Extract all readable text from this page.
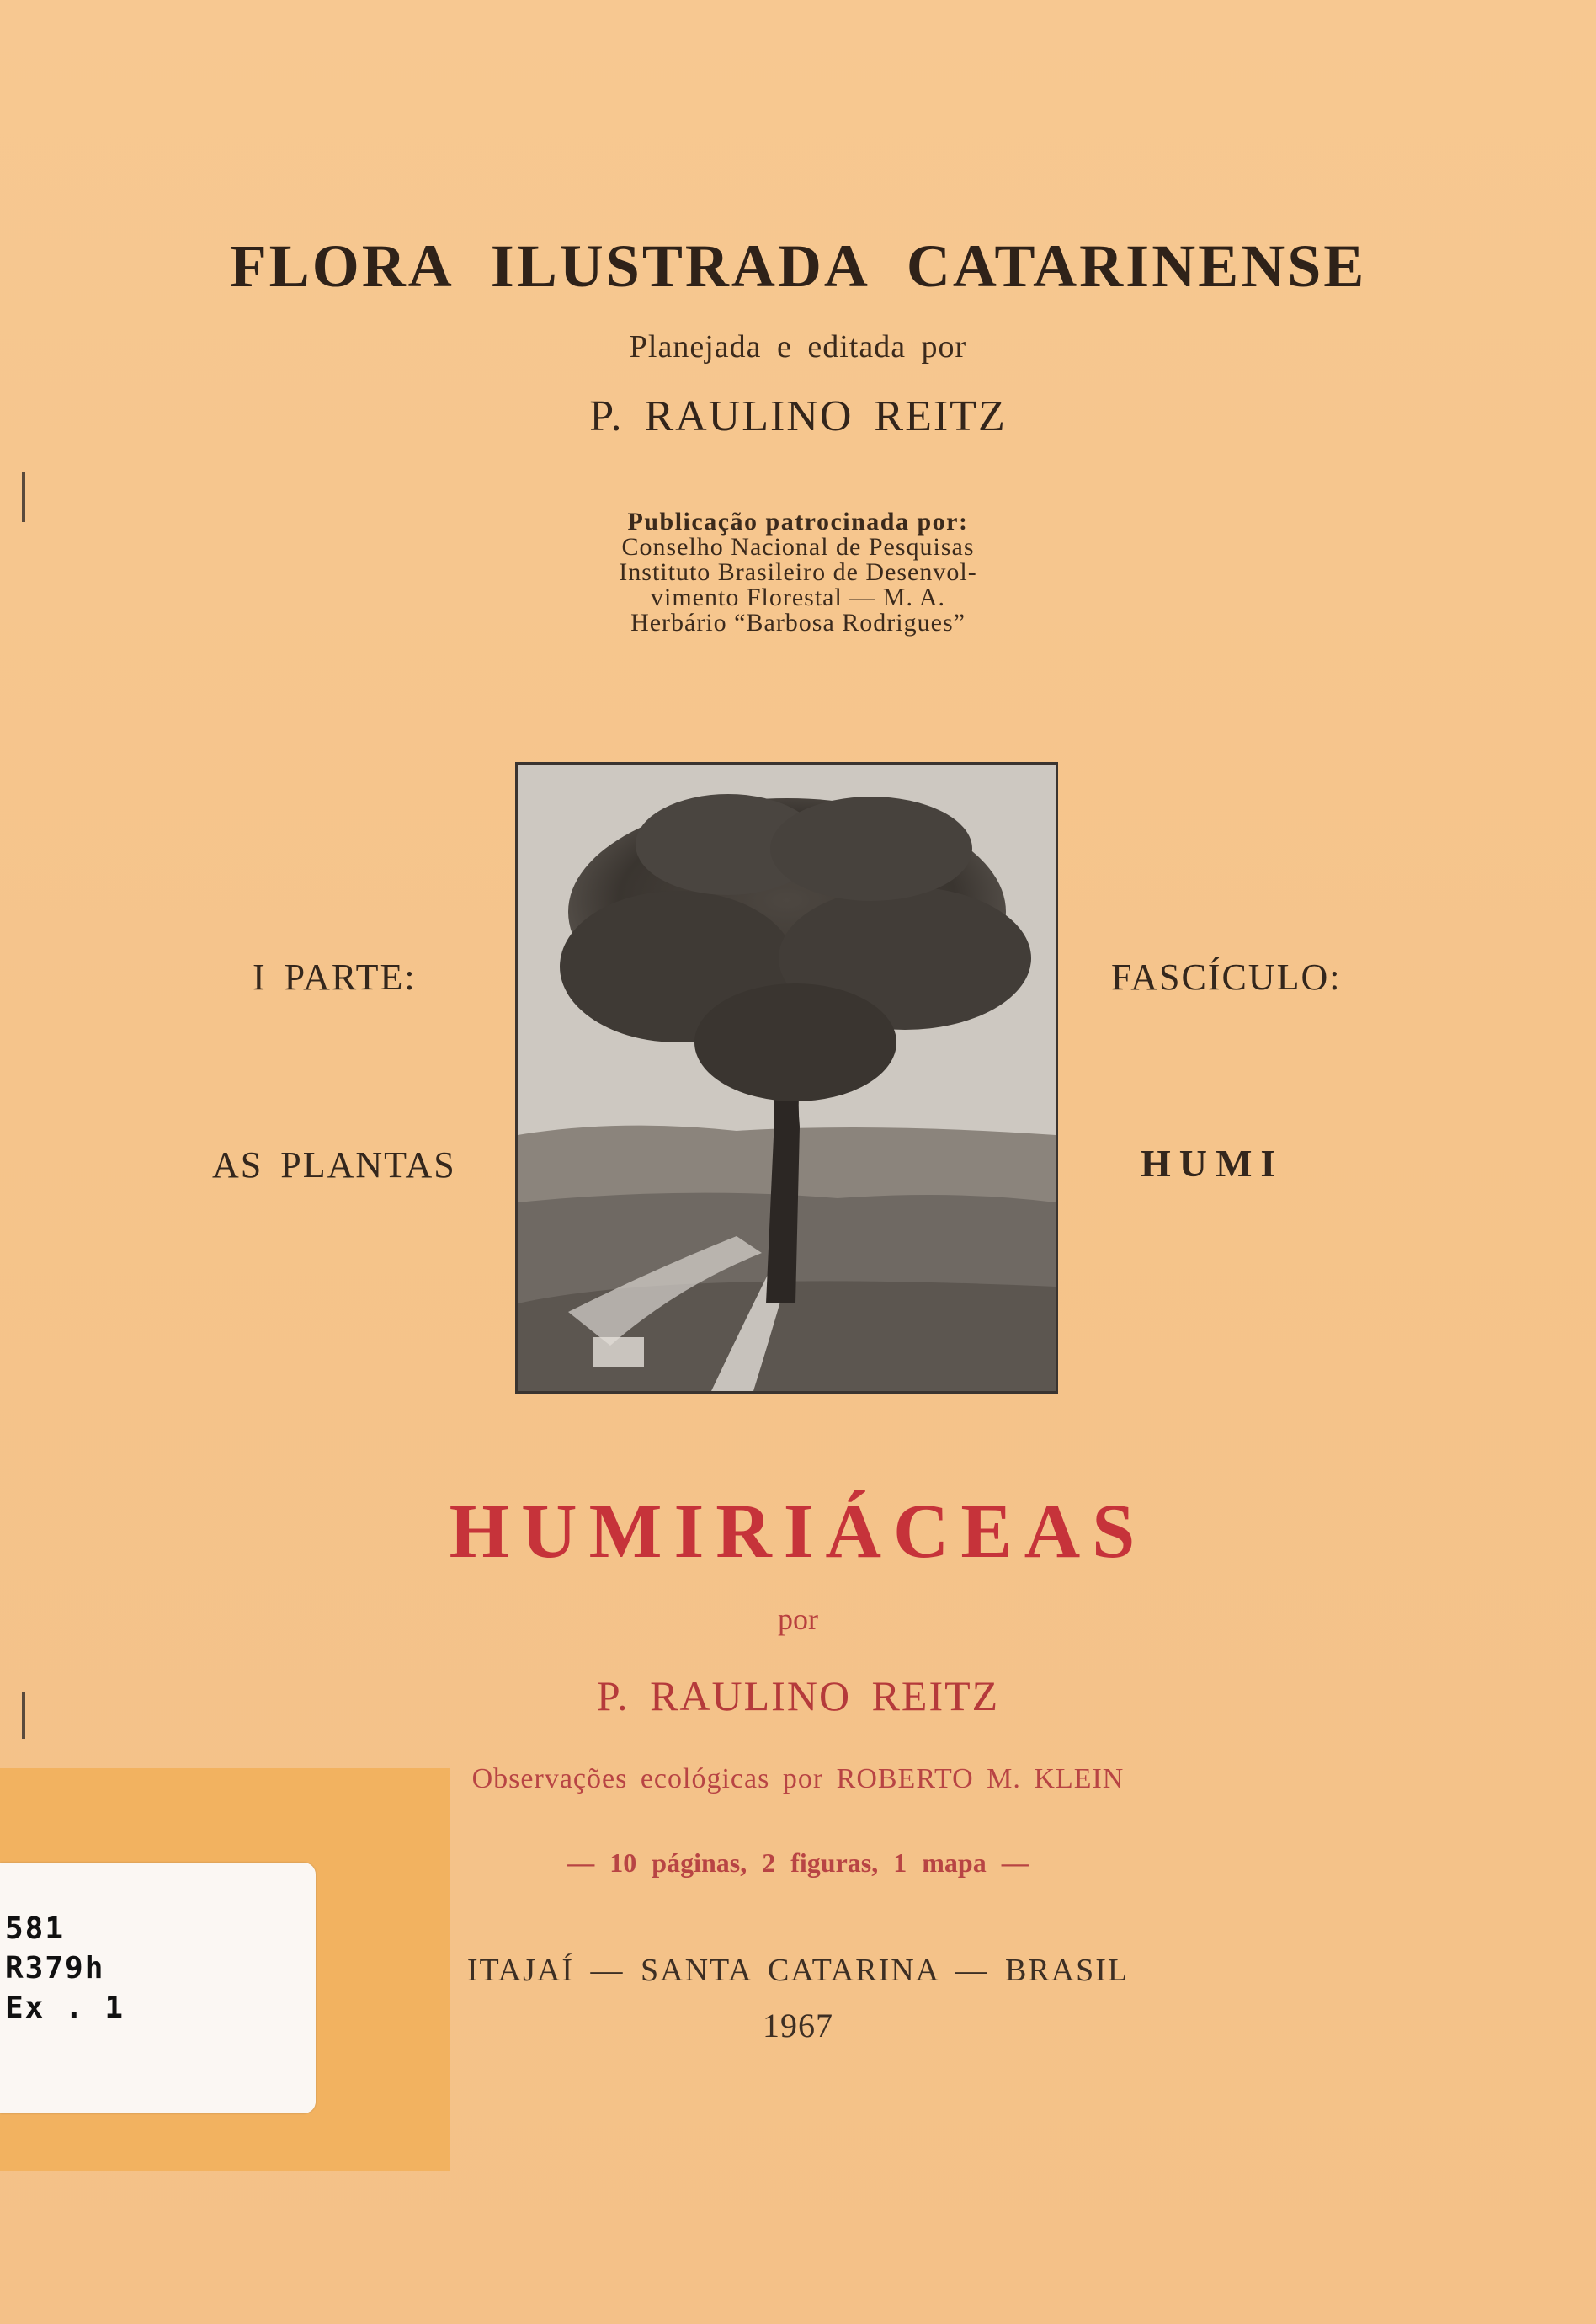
FLORA ILUSTRADA CATARINENSE
Planejada e editada por
P. RAULINO REITZ
Publicação patrocinada por:
Conselho Nacional de Pesquisas
Instituto Brasileiro de Desenvol-
vimento Florestal — M. A.
Herbário “Barbosa Rodrigues”
I PARTE:
AS PLANTAS
FASCÍCULO:
HUMI
HUMIRIÁCEAS
por
P. RAULINO REITZ
Observações ecológicas por ROBERTO M. KLEIN
— 10 páginas, 2 figuras, 1 mapa —
ITAJAÍ — SANTA CATARINA — BRASIL
1967
581
R379h
Ex . 1
